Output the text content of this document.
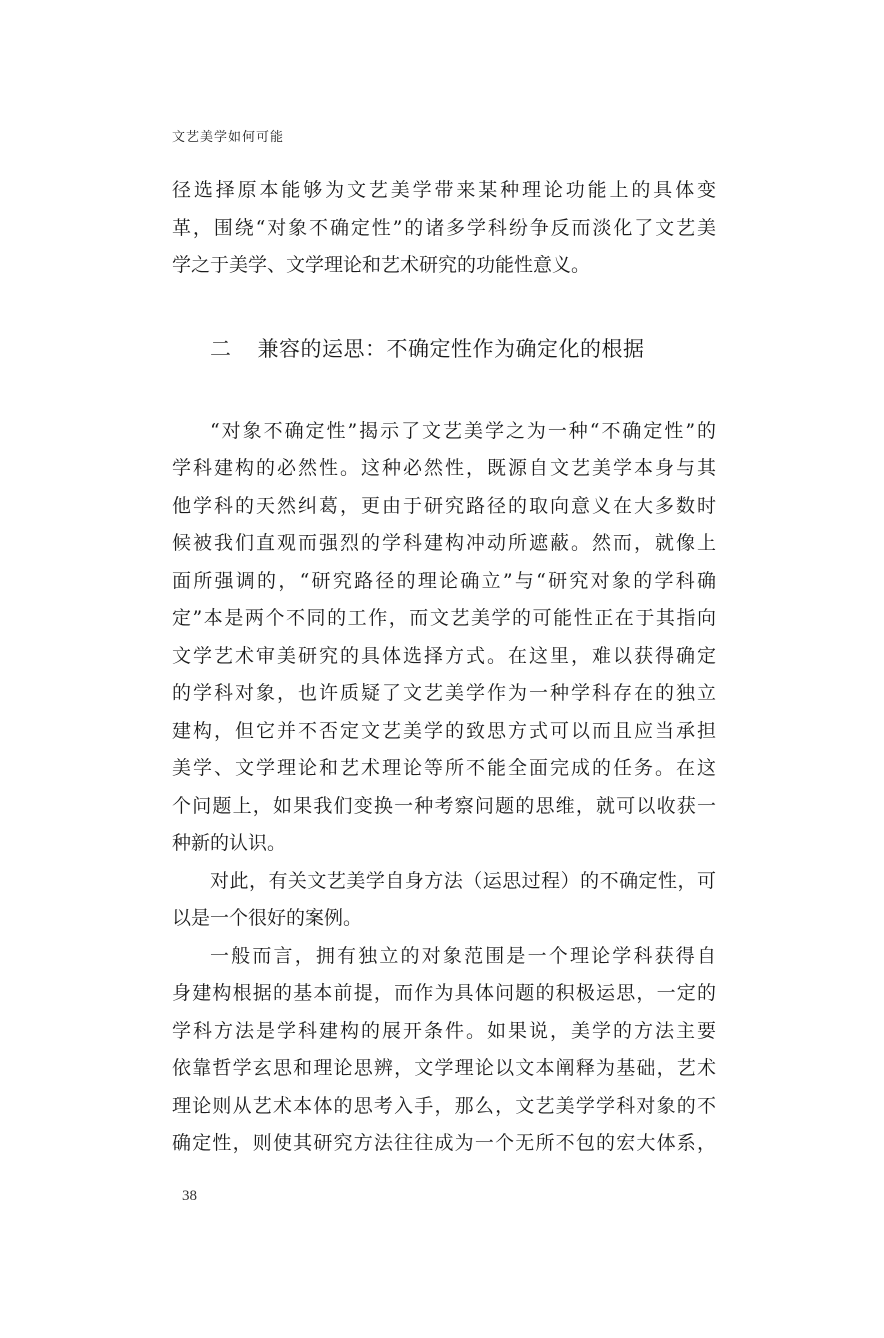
文艺美学如何可能
径选择原本能够为文艺美学带来某种理论功能上的具体变
革，围绕“对象不确定性”的诸多学科纷争反而淡化了文艺美
学之于美学、文学理论和艺术研究的功能性意义。
二 兼容的运思：不确定性作为确定化的根据
“对象不确定性”揭示了文艺美学之为一种“不确定性”的
学科建构的必然性。这种必然性，既源自文艺美学本身与其
他学科的天然纠葛，更由于研究路径的取向意义在大多数时
候被我们直观而强烈的学科建构冲动所遮蔽。然而，就像上
面所强调的，“研究路径的理论确立”与“研究对象的学科确
定”本是两个不同的工作，而文艺美学的可能性正在于其指向
文学艺术审美研究的具体选择方式。在这里，难以获得确定
的学科对象，也许质疑了文艺美学作为一种学科存在的独立
建构，但它并不否定文艺美学的致思方式可以而且应当承担
美学、文学理论和艺术理论等所不能全面完成的任务。在这
个问题上，如果我们变换一种考察问题的思维，就可以收获一
种新的认识。
对此，有关文艺美学自身方法（运思过程）的不确定性，可
以是一个很好的案例。
一般而言，拥有独立的对象范围是一个理论学科获得自
身建构根据的基本前提，而作为具体问题的积极运思，一定的
学科方法是学科建构的展开条件。如果说，美学的方法主要
依靠哲学玄思和理论思辨，文学理论以文本阐释为基础，艺术
理论则从艺术本体的思考入手，那么，文艺美学学科对象的不
确定性，则使其研究方法往往成为一个无所不包的宏大体系，
38
